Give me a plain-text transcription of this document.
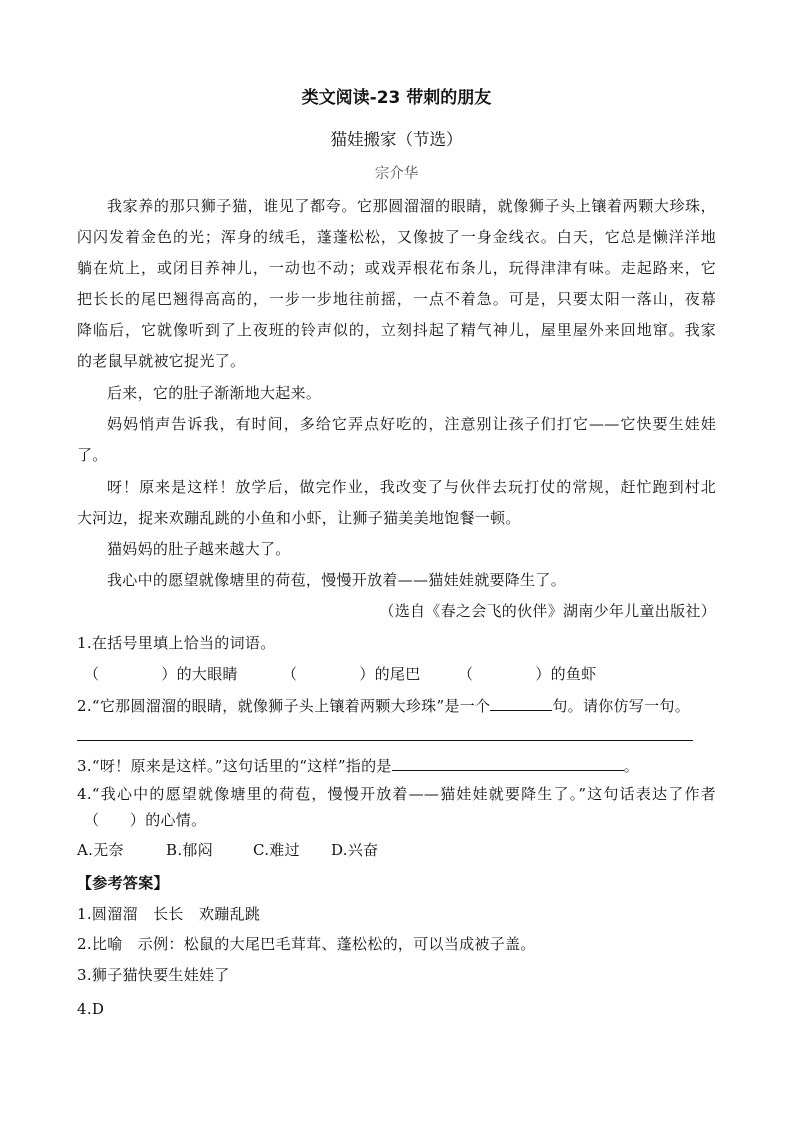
类文阅读-23 带刺的朋友
猫娃搬家（节选）
宗介华
我家养的那只狮子猫，谁见了都夸。它那圆溜溜的眼睛，就像狮子头上镶着两颗大珍珠，
闪闪发着金色的光；浑身的绒毛，蓬蓬松松，又像披了一身金线衣。白天，它总是懒洋洋地
躺在炕上，或闭目养神儿，一动也不动；或戏弄根花布条儿，玩得津津有味。走起路来，它
把长长的尾巴翘得高高的，一步一步地往前摇，一点不着急。可是，只要太阳一落山，夜幕
降临后，它就像听到了上夜班的铃声似的，立刻抖起了精气神儿，屋里屋外来回地窜。我家
的老鼠早就被它捉光了。
后来，它的肚子渐渐地大起来。
妈妈悄声告诉我，有时间，多给它弄点好吃的，注意别让孩子们打它——它快要生娃娃
了。
呀！原来是这样！放学后，做完作业，我改变了与伙伴去玩打仗的常规，赶忙跑到村北
大河边，捉来欢蹦乱跳的小鱼和小虾，让狮子猫美美地饱餐一顿。
猫妈妈的肚子越来越大了。
我心中的愿望就像塘里的荷苞，慢慢开放着——猫娃娃就要降生了。
（选自《春之会飞的伙伴》湖南少年儿童出版社）
1.在括号里填上恰当的词语。
（	）的大眼睛	（	）的尾巴 （	）的鱼虾
2.“它那圆溜溜的眼睛，就像狮子头上镶着两颗大珍珠”是一个	句。请你仿写一句。
3.“呀！原来是这样。”这句话里的“这样”指的是	。
4.“我心中的愿望就像塘里的荷苞，慢慢开放着——猫娃娃就要降生了。”这句话表达了作者
（　　）的心情。
A.无奈	B.郁闷	C.难过 D.兴奋
【参考答案】
1.圆溜溜　长长　欢蹦乱跳
2.比喻　示例：松鼠的大尾巴毛茸茸、蓬松松的，可以当成被子盖。
3.狮子猫快要生娃娃了
4.D
